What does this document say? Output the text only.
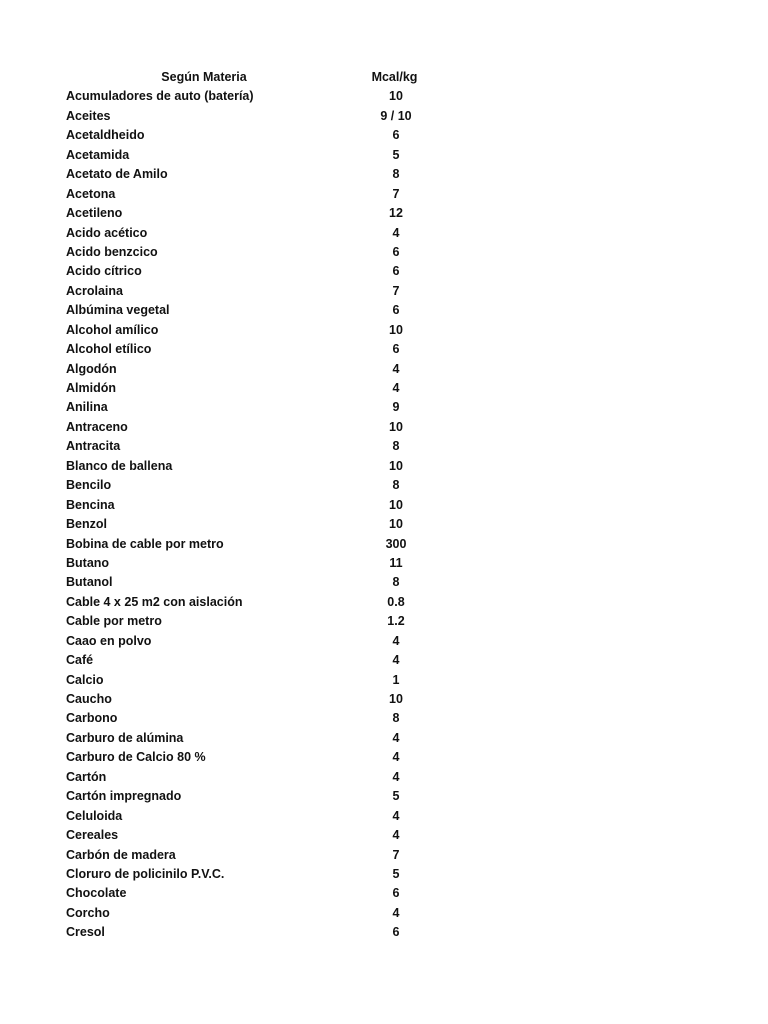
Según Materia	Mcal/kg
Acumuladores de auto (batería)	10
Aceites	9 / 10
Acetaldheido	6
Acetamida	5
Acetato de Amilo	8
Acetona	7
Acetileno	12
Acido acético	4
Acido benzcico	6
Acido cítrico	6
Acrolaina	7
Albúmina vegetal	6
Alcohol amílico	10
Alcohol etílico	6
Algodón	4
Almidón	4
Anilina	9
Antraceno	10
Antracita	8
Blanco de ballena	10
Bencilo	8
Bencina	10
Benzol	10
Bobina de cable por metro	300
Butano	11
Butanol	8
Cable 4 x 25 m2 con aislación	0.8
Cable por metro	1.2
Caao en polvo	4
Café	4
Calcio	1
Caucho	10
Carbono	8
Carburo de alúmina	4
Carburo de Calcio 80 %	4
Cartón	4
Cartón impregnado	5
Celuloida	4
Cereales	4
Carbón de madera	7
Cloruro de policinilo P.V.C.	5
Chocolate	6
Corcho	4
Cresol	6
